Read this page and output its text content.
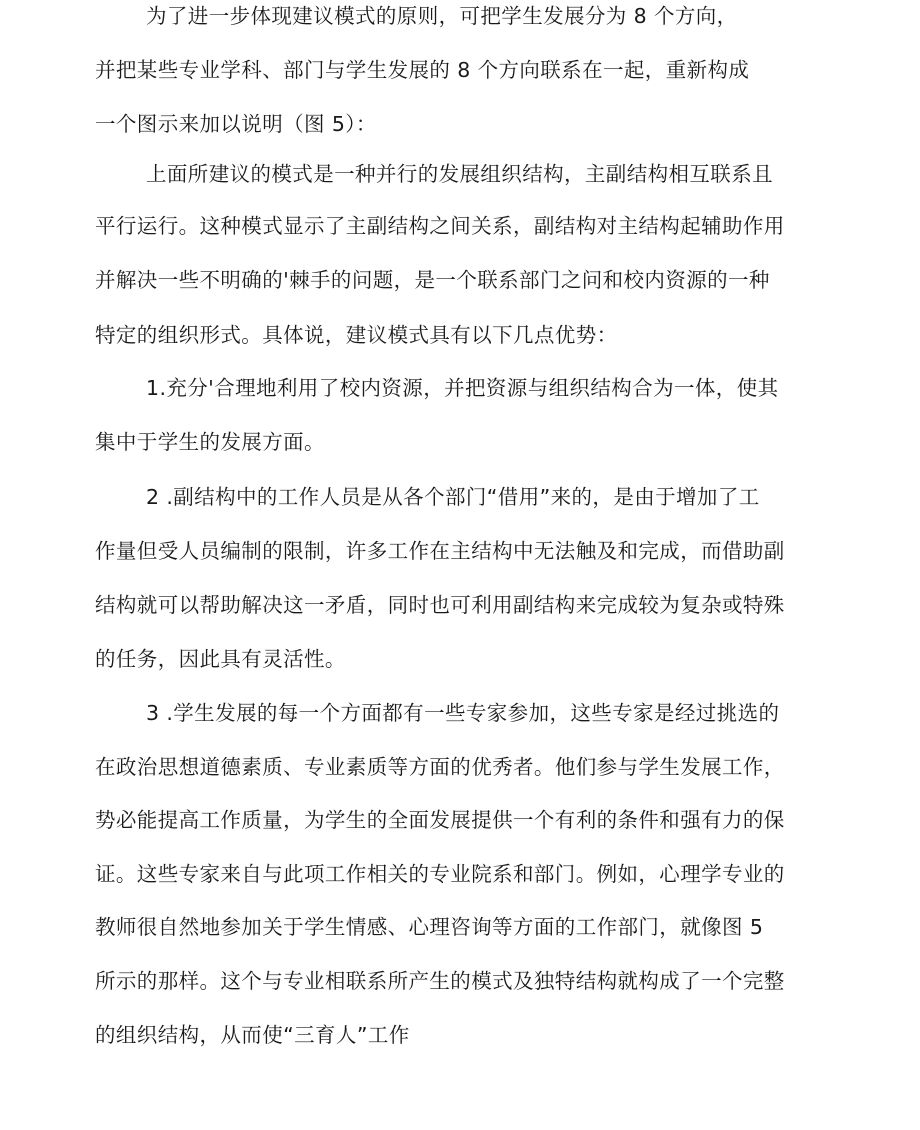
为了进一步体现建议模式的原则，可把学生发展分为 8 个方向，
并把某些专业学科、部门与学生发展的 8 个方向联系在一起，重新构成
一个图示来加以说明（图 5）：
上面所建议的模式是一种并行的发展组织结构，主副结构相互联系且
平行运行。这种模式显示了主副结构之间关系，副结构对主结构起辅助作用
并解决一些不明确的'棘手的问题，是一个联系部门之问和校内资源的一种
特定的组织形式。具体说，建议模式具有以下几点优势：
1.充分'合理地利用了校内资源，并把资源与组织结构合为一体，使其
集中于学生的发展方面。
2 .副结构中的工作人员是从各个部门“借用”来的，是由于增加了工
作量但受人员编制的限制，许多工作在主结构中无法触及和完成，而借助副
结构就可以帮助解决这一矛盾，同时也可利用副结构来完成较为复杂或特殊
的任务，因此具有灵活性。
3 .学生发展的每一个方面都有一些专家参加，这些专家是经过挑选的
在政治思想道德素质、专业素质等方面的优秀者。他们参与学生发展工作，
势必能提高工作质量，为学生的全面发展提供一个有利的条件和强有力的保
证。这些专家来自与此项工作相关的专业院系和部门。例如，心理学专业的
教师很自然地参加关于学生情感、心理咨询等方面的工作部门，就像图 5
所示的那样。这个与专业相联系所产生的模式及独特结构就构成了一个完整
的组织结构，从而使“三育人”工作
